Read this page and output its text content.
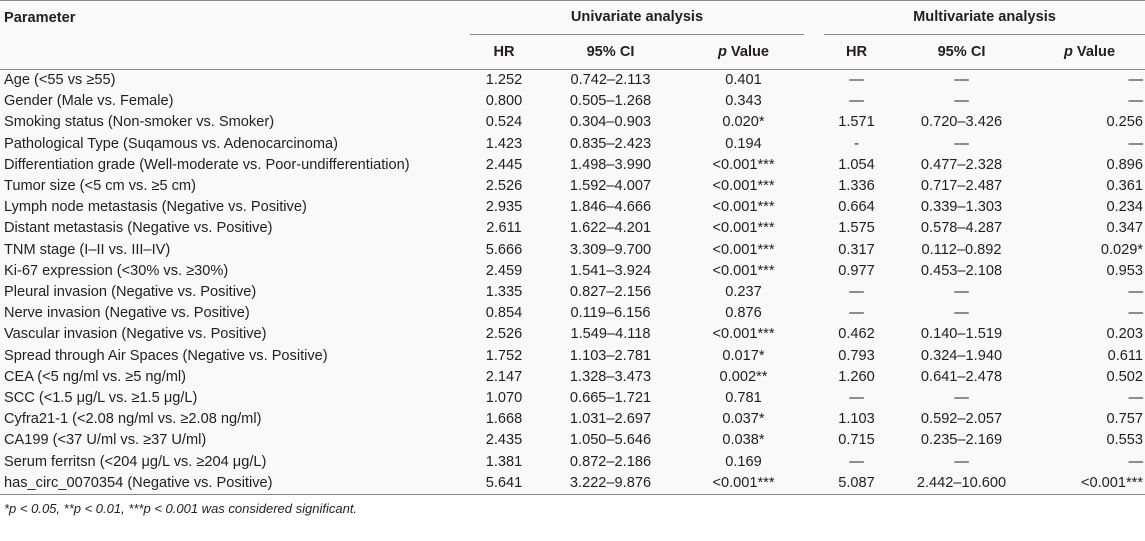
Parameter	Univariate analysis				Multivariate analysis		

	HR	95% CI	p Value		HR	95% CI	p Value
Age (<55 vs ≥55)	1.252	0.742–2.113	0.401		—	—	—
Gender (Male vs. Female)	0.800	0.505–1.268	0.343		—	—	—
Smoking status (Non-smoker vs. Smoker)	0.524	0.304–0.903	0.020*		1.571	0.720–3.426	0.256
Pathological Type (Suqamous vs. Adenocarcinoma)	1.423	0.835–2.423	0.194		-	—	—
Differentiation grade (Well-moderate vs. Poor-undifferentiation)	2.445	1.498–3.990	<0.001***		1.054	0.477–2.328	0.896
Tumor size (<5 cm vs. ≥5 cm)	2.526	1.592–4.007	<0.001***		1.336	0.717–2.487	0.361
Lymph node metastasis (Negative vs. Positive)	2.935	1.846–4.666	<0.001***		0.664	0.339–1.303	0.234
Distant metastasis (Negative vs. Positive)	2.611	1.622–4.201	<0.001***		1.575	0.578–4.287	0.347
TNM stage (I–II vs. III–IV)	5.666	3.309–9.700	<0.001***		0.317	0.112–0.892	0.029*
Ki-67 expression (<30% vs. ≥30%)	2.459	1.541–3.924	<0.001***		0.977	0.453–2.108	0.953
Pleural invasion (Negative vs. Positive)	1.335	0.827–2.156	0.237		—	—	—
Nerve invasion (Negative vs. Positive)	0.854	0.119–6.156	0.876		—	—	—
Vascular invasion (Negative vs. Positive)	2.526	1.549–4.118	<0.001***		0.462	0.140–1.519	0.203
Spread through Air Spaces (Negative vs. Positive)	1.752	1.103–2.781	0.017*		0.793	0.324–1.940	0.611
CEA (<5 ng/ml vs. ≥5 ng/ml)	2.147	1.328–3.473	0.002**		1.260	0.641–2.478	0.502
SCC (<1.5 μg/L vs. ≥1.5 μg/L)	1.070	0.665–1.721	0.781		—	—	—
Cyfra21-1 (<2.08 ng/ml vs. ≥2.08 ng/ml)	1.668	1.031–2.697	0.037*		1.103	0.592–2.057	0.757
CA199 (<37 U/ml vs. ≥37 U/ml)	2.435	1.050–5.646	0.038*		0.715	0.235–2.169	0.553
Serum ferritsn (<204 μg/L vs. ≥204 μg/L)	1.381	0.872–2.186	0.169		—	—	—
has_circ_0070354 (Negative vs. Positive)	5.641	3.222–9.876	<0.001***		5.087	2.442–10.600	<0.001***
*p < 0.05, **p < 0.01, ***p < 0.001 was considered significant.
